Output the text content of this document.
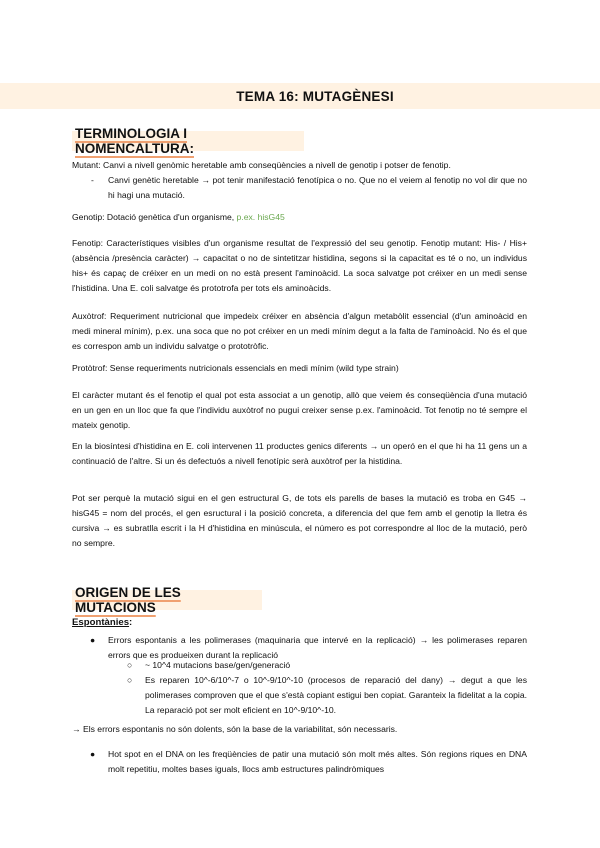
TEMA 16: MUTAGÈNESI
TERMINOLOGIA I NOMENCALTURA:
Mutant: Canvi a nivell genòmic heretable amb conseqüències a nivell de genotip i potser de fenotip.
- Canvi genètic heretable → pot tenir manifestació fenotípica o no. Que no el veiem al fenotip no vol dir que no hi hagi una mutació.
Genotip: Dotació genètica d'un organisme, p.ex. hisG45
Fenotip: Característiques visibles d'un organisme resultat de l'expressió del seu genotip. Fenotip mutant: His- / His+ (absència /presència caràcter) → capacitat o no de sintetitzar histidina, segons si la capacitat es té o no, un individus his+ és capaç de créixer en un medi on no està present l'aminoàcid. La soca salvatge pot créixer en un medi sense l'histidina. Una E. coli salvatge és prototrofa per tots els aminoàcids.
Auxòtrof: Requeriment nutricional que impedeix créixer en absència d'algun metabòlit essencial (d'un aminoàcid en medi mineral mínim), p.ex. una soca que no pot créixer en un medi mínim degut a la falta de l'aminoàcid. No és el que es correspon amb un individu salvatge o prototròfic.
Protòtrof: Sense requeriments nutricionals essencials en medi mínim (wild type strain)
El caràcter mutant és el fenotip el qual pot esta associat a un genotip, allò que veiem és conseqüència d'una mutació en un gen en un lloc que fa que l'individu auxòtrof no pugui creixer sense p.ex. l'aminoàcid. Tot fenotip no té sempre el mateix genotip.
En la biosíntesi d'histidina en E. coli intervenen 11 productes genics diferents → un operó en el que hi ha 11 gens un a continuació de l'altre. Si un és defectuós a nivell fenotípic serà auxòtrof per la histidina.
Pot ser perquè la mutació sigui en el gen estructural G, de tots els parells de bases la mutació es troba en G45 → hisG45 = nom del procés, el gen esructural i la posició concreta, a diferencia del que fem amb el genotip la lletra és cursiva → es subratlla escrit i la H d'histidina en minúscula, el número es pot correspondre al lloc de la mutació, però no sempre.
ORIGEN DE LES MUTACIONS
Espontànies:
● Errors espontanis a les polimerases (maquinaria que intervé en la replicació) → les polimerases reparen errors que es produeixen durant la replicació
○ ~ 10^4 mutacions base/gen/generació
○ Es reparen 10^-6/10^-7 o 10^-9/10^-10 (procesos de reparació del dany) → degut a que les polimerases comproven que el que s'està copiant estigui ben copiat. Garanteix la fidelitat a la copia. La reparació pot ser molt eficient en 10^-9/10^-10.
→ Els errors espontanis no són dolents, són la base de la variabilitat, són necessaris.
● Hot spot en el DNA on les freqüències de patir una mutació són molt més altes. Són regions riques en DNA molt repetitiu, moltes bases iguals, llocs amb estructures palindròmiques
